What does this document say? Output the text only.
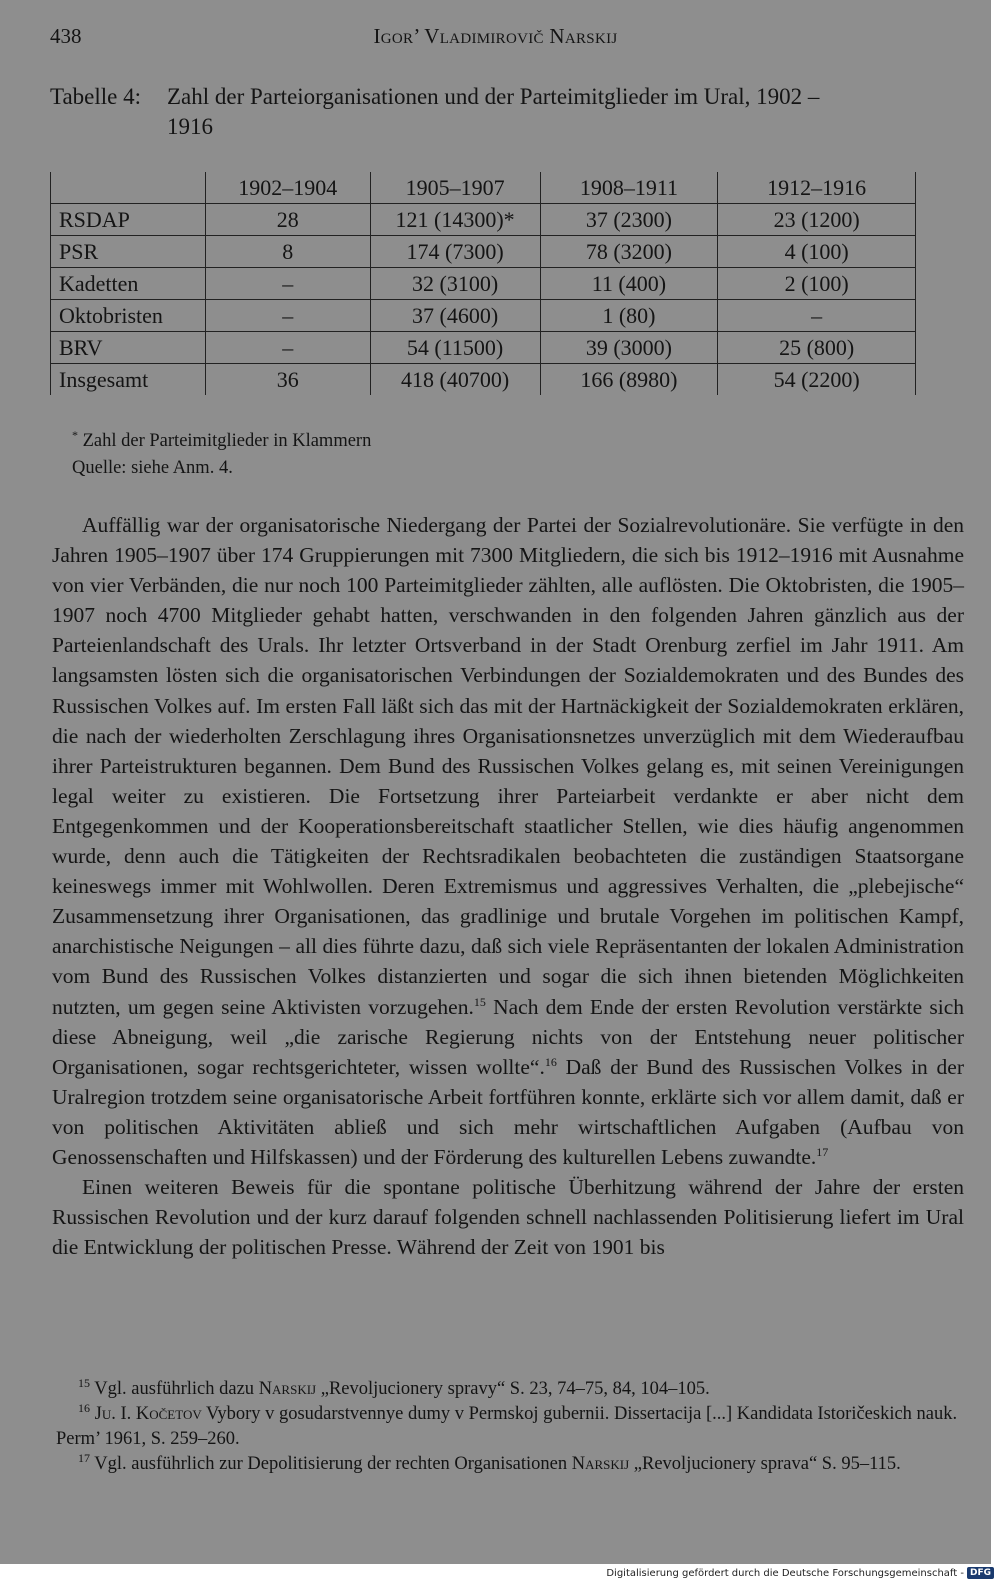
438	Igor’ Vladimirovič Narskij
Tabelle 4: Zahl der Parteiorganisationen und der Parteimitglieder im Ural, 1902 – 1916
	1902–1904	1905–1907	1908–1911	1912–1916
RSDAP	28	121 (14300)*	37 (2300)	23 (1200)
PSR	8	174 (7300)	78 (3200)	4 (100)
Kadetten	–	32 (3100)	11 (400)	2 (100)
Oktobristen	–	37 (4600)	1 (80)	–
BRV	–	54 (11500)	39 (3000)	25 (800)
Insgesamt	36	418 (40700)	166 (8980)	54 (2200)
* Zahl der Parteimitglieder in Klammern
Quelle: siehe Anm. 4.

Auffällig war der organisatorische Niedergang der Partei der Sozialrevolutionäre. Sie verfügte in den Jahren 1905–1907 über 174 Gruppierungen mit 7300 Mitgliedern, die sich bis 1912–1916 mit Ausnahme von vier Verbänden, die nur noch 100 Parteimitglieder zählten, alle auflösten. Die Oktobristen, die 1905–1907 noch 4700 Mitglieder gehabt hatten, verschwanden in den folgenden Jahren gänzlich aus der Parteienlandschaft des Urals. Ihr letzter Ortsverband in der Stadt Orenburg zerfiel im Jahr 1911. Am langsamsten lösten sich die organisatorischen Verbindungen der Sozialdemokraten und des Bundes des Russischen Volkes auf. Im ersten Fall läßt sich das mit der Hartnäckigkeit der Sozialdemokraten erklären, die nach der wiederholten Zerschlagung ihres Organisationsnetzes unverzüglich mit dem Wiederaufbau ihrer Parteistrukturen begannen. Dem Bund des Russischen Volkes gelang es, mit seinen Vereinigungen legal weiter zu existieren. Die Fortsetzung ihrer Parteiarbeit verdankte er aber nicht dem Entgegenkommen und der Kooperationsbereitschaft staatlicher Stellen, wie dies häufig angenommen wurde, denn auch die Tätigkeiten der Rechtsradikalen beobachteten die zuständigen Staatsorgane keineswegs immer mit Wohlwollen. Deren Extremismus und aggressives Verhalten, die „plebejische“ Zusammensetzung ihrer Organisationen, das gradlinige und brutale Vorgehen im politischen Kampf, anarchistische Neigungen – all dies führte dazu, daß sich viele Repräsentanten der lokalen Administration vom Bund des Russischen Volkes distanzierten und sogar die sich ihnen bietenden Möglichkeiten nutzten, um gegen seine Aktivisten vorzugehen.$^{15}$ Nach dem Ende der ersten Revolution verstärkte sich diese Abneigung, weil „die zarische Regierung nichts von der Entstehung neuer politischer Organisationen, sogar rechtsgerichteter, wissen wollte“.$^{16}$ Daß der Bund des Russischen Volkes in der Uralregion trotzdem seine organisatorische Arbeit fortführen konnte, erklärte sich vor allem damit, daß er von politischen Aktivitäten abließ und sich mehr wirtschaftlichen Aufgaben (Aufbau von Genossenschaften und Hilfskassen) und der Förderung des kulturellen Lebens zuwandte.$^{17}$

Einen weiteren Beweis für die spontane politische Überhitzung während der Jahre der ersten Russischen Revolution und der kurz darauf folgenden schnell nachlassenden Politisierung liefert im Ural die Entwicklung der politischen Presse. Während der Zeit von 1901 bis

$^{15}$ Vgl. ausführlich dazu Narskij „Revoljucionery spravy“ S. 23, 74–75, 84, 104–105.

$^{16}$ Ju. I. Kočetov Vybory v gosudarstvennye dumy v Permskoj gubernii. Dissertacija [...] Kandidata Istoričeskich nauk. Perm’ 1961, S. 259–260.

$^{17}$ Vgl. ausführlich zur Depolitisierung der rechten Organisationen Narskij „Revoljucionery sprava“ S. 95–115.

Digitalisierung gefördert durch die Deutsche Forschungsgemeinschaft - DFG
